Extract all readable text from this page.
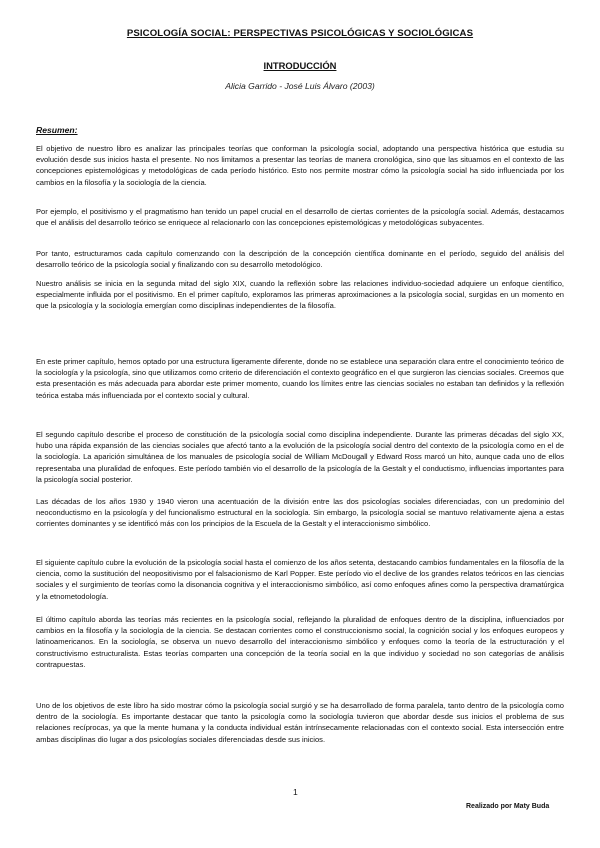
PSICOLOGÍA SOCIAL: PERSPECTIVAS PSICOLÓGICAS Y SOCIOLÓGICAS
INTRODUCCIÓN
Alicia Garrido - José Luis Álvaro (2003)
Resumen:

El objetivo de nuestro libro es analizar las principales teorías que conforman la psicología social, adoptando una perspectiva histórica que estudia su evolución desde sus inicios hasta el presente. No nos limitamos a presentar las teorías de manera cronológica, sino que las situamos en el contexto de las concepciones epistemológicas y metodológicas de cada período histórico. Esto nos permite mostrar cómo la psicología social ha sido influenciada por los cambios en la filosofía y la sociología de la ciencia.

Por ejemplo, el positivismo y el pragmatismo han tenido un papel crucial en el desarrollo de ciertas corrientes de la psicología social. Además, destacamos que el análisis del desarrollo teórico se enriquece al relacionarlo con las concepciones epistemológicas y metodológicas subyacentes.

Por tanto, estructuramos cada capítulo comenzando con la descripción de la concepción científica dominante en el período, seguido del análisis del desarrollo teórico de la psicología social y finalizando con su desarrollo metodológico.

Nuestro análisis se inicia en la segunda mitad del siglo XIX, cuando la reflexión sobre las relaciones individuo-sociedad adquiere un enfoque científico, especialmente influida por el positivismo. En el primer capítulo, exploramos las primeras aproximaciones a la psicología social, surgidas en un momento en que la psicología y la sociología emergían como disciplinas independientes de la filosofía.

En este primer capítulo, hemos optado por una estructura ligeramente diferente, donde no se establece una separación clara entre el conocimiento teórico de la sociología y la psicología, sino que utilizamos como criterio de diferenciación el contexto geográfico en el que surgieron las ciencias sociales. Creemos que esta presentación es más adecuada para abordar este primer momento, cuando los límites entre las ciencias sociales no estaban tan definidos y la reflexión teórica estaba más influenciada por el contexto social y cultural.

El segundo capítulo describe el proceso de constitución de la psicología social como disciplina independiente. Durante las primeras décadas del siglo XX, hubo una rápida expansión de las ciencias sociales que afectó tanto a la evolución de la psicología social dentro del contexto de la psicología como en el de la sociología. La aparición simultánea de los manuales de psicología social de William McDougall y Edward Ross marcó un hito, aunque cada uno de ellos representaba una pluralidad de enfoques. Este período también vio el desarrollo de la psicología de la Gestalt y el conductismo, influencias importantes para la psicología social posterior.

Las décadas de los años 1930 y 1940 vieron una acentuación de la división entre las dos psicologías sociales diferenciadas, con un predominio del neoconductismo en la psicología y del funcionalismo estructural en la sociología. Sin embargo, la psicología social se mantuvo relativamente ajena a estas corrientes dominantes y se identificó más con los principios de la Escuela de la Gestalt y el interaccionismo simbólico.

El siguiente capítulo cubre la evolución de la psicología social hasta el comienzo de los años setenta, destacando cambios fundamentales en la filosofía de la ciencia, como la sustitución del neopositivismo por el falsacionismo de Karl Popper. Este período vio el declive de los grandes relatos teóricos en las ciencias sociales y el surgimiento de teorías como la disonancia cognitiva y el interaccionismo simbólico, así como enfoques afines como la perspectiva dramatúrgica y la etnometodología.

El último capítulo aborda las teorías más recientes en la psicología social, reflejando la pluralidad de enfoques dentro de la disciplina, influenciados por cambios en la filosofía y la sociología de la ciencia. Se destacan corrientes como el construccionismo social, la cognición social y los enfoques europeos y latinoamericanos. En la sociología, se observa un nuevo desarrollo del interaccionismo simbólico y enfoques como la teoría de la estructuración y el constructivismo estructuralista. Estas teorías comparten una concepción de la teoría social en la que individuo y sociedad no son categorías de análisis contrapuestas.

Uno de los objetivos de este libro ha sido mostrar cómo la psicología social surgió y se ha desarrollado de forma paralela, tanto dentro de la psicología como dentro de la sociología. Es importante destacar que tanto la psicología como la sociología tuvieron que abordar desde sus inicios el problema de sus relaciones recíprocas, ya que la mente humana y la conducta individual están intrínsecamente relacionadas con el contexto social. Esta intersección entre ambas disciplinas dio lugar a dos psicologías sociales diferenciadas desde sus inicios.

1
Realizado por Maty Buda
